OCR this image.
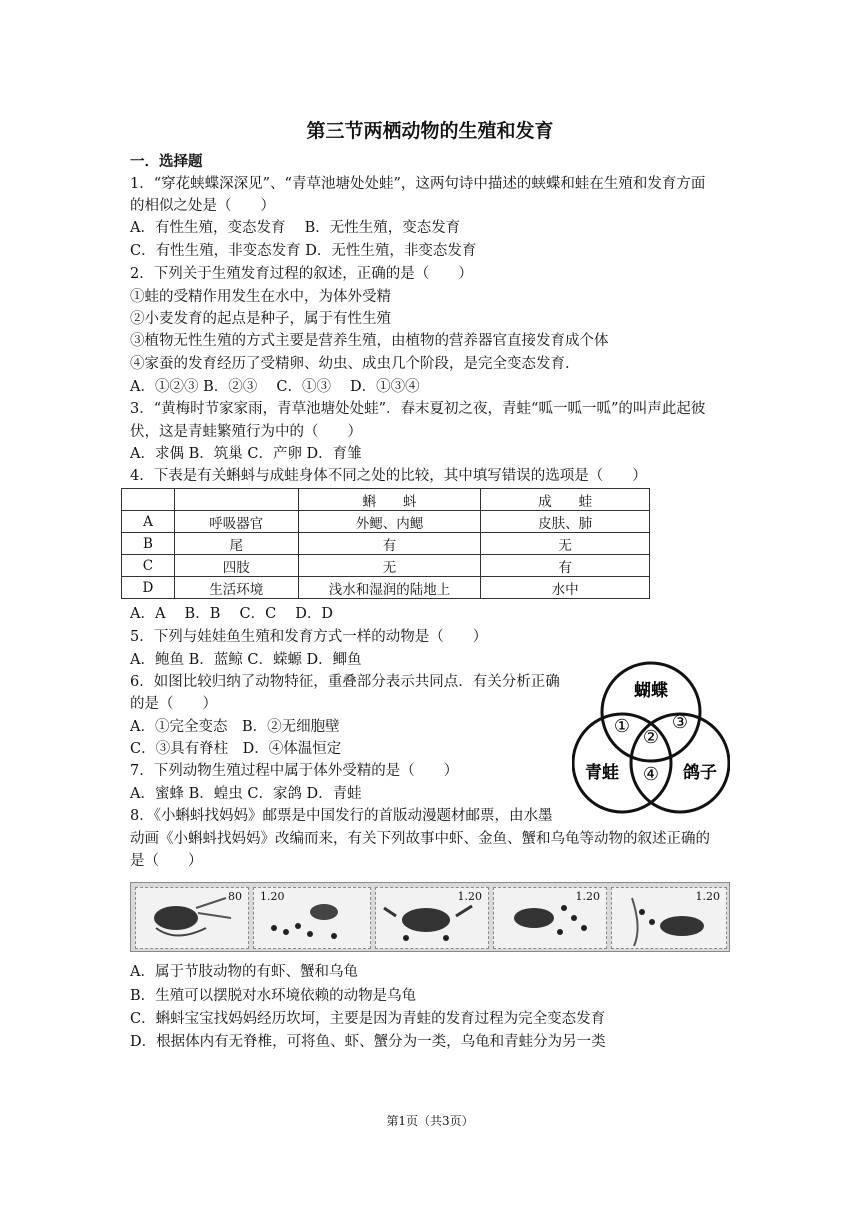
第三节两栖动物的生殖和发育
一．选择题
1．“穿花蛱蝶深深见”、“青草池塘处处蛙”，这两句诗中描述的蛱蝶和蛙在生殖和发育方面
的相似之处是（　　）
A．有性生殖，变态发育　 B．无性生殖，变态发育
C．有性生殖，非变态发育 D．无性生殖，非变态发育
2．下列关于生殖发育过程的叙述，正确的是（　　）
①蛙的受精作用发生在水中，为体外受精
②小麦发育的起点是种子，属于有性生殖
③植物无性生殖的方式主要是营养生殖，由植物的营养器官直接发育成个体
④家蚕的发育经历了受精卵、幼虫、成虫几个阶段，是完全变态发育．
A．①②③ B．②③　 C．①③　 D．①③④
3．“黄梅时节家家雨，青草池塘处处蛙”．春末夏初之夜，青蛙“呱一呱一呱”的叫声此起彼
伏，这是青蛙繁殖行为中的（　　）
A．求偶 B．筑巢 C．产卵 D．育雏
4．下表是有关蝌蚪与成蛙身体不同之处的比较，其中填写错误的选项是（　　）
		蝌　　蚪	成　　蛙
A	呼吸器官	外鳃、内鳃	皮肤、肺
B	尾	有	无
C	四肢	无	有
D	生活环境	浅水和湿润的陆地上	水中
A．A　 B．B　 C．C　 D．D
5．下列与娃娃鱼生殖和发育方式一样的动物是（　　）
A．鲍鱼 B．蓝鲸 C．蝾螈 D．鲫鱼
6．如图比较归纳了动物特征，重叠部分表示共同点．有关分析正确
的是（　　）
A．①完全变态　B．②无细胞壁
C．③具有脊柱　D．④体温恒定
蝴蝶
青蛙	鸽子
①
②
③
④
7．下列动物生殖过程中属于体外受精的是（　　）
A．蜜蜂 B．蝗虫 C．家鸽 D．青蛙
8．《小蝌蚪找妈妈》邮票是中国发行的首版动漫题材邮票，由水墨
动画《小蝌蚪找妈妈》改编而来，有关下列故事中虾、金鱼、蟹和乌龟等动物的叙述正确的
是（　　）
80 1.20	1.20	1.20	1.20
A．属于节肢动物的有虾、蟹和乌龟
B．生殖可以摆脱对水环境依赖的动物是乌龟
C．蝌蚪宝宝找妈妈经历坎坷，主要是因为青蛙的发育过程为完全变态发育
D．根据体内有无脊椎，可将鱼、虾、蟹分为一类，乌龟和青蛙分为另一类
第1页（共3页）
